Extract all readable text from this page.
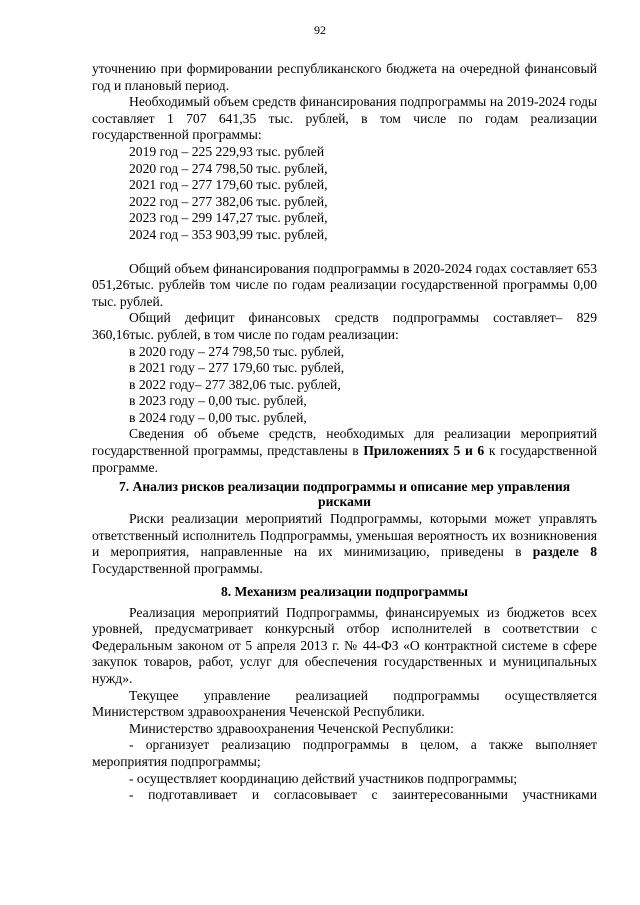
92

уточнению при формировании республиканского бюджета на очередной финансовый год и плановый период.

Необходимый объем средств финансирования подпрограммы на 2019-2024 годы составляет 1 707 641,35 тыс. рублей, в том числе по годам реализации государственной программы:

2019 год – 225 229,93 тыс. рублей
2020 год – 274 798,50 тыс. рублей,
2021 год – 277 179,60 тыс. рублей,
2022 год – 277 382,06 тыс. рублей,
2023 год – 299 147,27 тыс. рублей,
2024 год – 353 903,99 тыс. рублей,

Общий объем финансирования подпрограммы в 2020-2024 годах составляет 653 051,26тыс. рублейв том числе по годам реализации государственной программы 0,00 тыс. рублей.

Общий дефицит финансовых средств подпрограммы составляет– 829 360,16тыс. рублей, в том числе по годам реализации:

в 2020 году – 274 798,50 тыс. рублей,
в 2021 году – 277 179,60 тыс. рублей,
в 2022 году– 277 382,06 тыс. рублей,
в 2023 году – 0,00 тыс. рублей,
в 2024 году – 0,00 тыс. рублей,

Сведения об объеме средств, необходимых для реализации мероприятий государственной программы, представлены в Приложениях 5 и 6 к государственной программе.

7. Анализ рисков реализации подпрограммы и описание мер управления рисками

Риски реализации мероприятий Подпрограммы, которыми может управлять ответственный исполнитель Подпрограммы, уменьшая вероятность их возникновения и мероприятия, направленные на их минимизацию, приведены в разделе 8 Государственной программы.

8. Механизм реализации подпрограммы

Реализация мероприятий Подпрограммы, финансируемых из бюджетов всех уровней, предусматривает конкурсный отбор исполнителей в соответствии с Федеральным законом от 5 апреля 2013 г. № 44-ФЗ «О контрактной системе в сфере закупок товаров, работ, услуг для обеспечения государственных и муниципальных нужд».

Текущее управление реализацией подпрограммы осуществляется Министерством здравоохранения Чеченской Республики.

Министерство здравоохранения Чеченской Республики:

- организует реализацию подпрограммы в целом, а также выполняет мероприятия подпрограммы;

- осуществляет координацию действий участников подпрограммы;

- подготавливает и согласовывает с заинтересованными участниками
